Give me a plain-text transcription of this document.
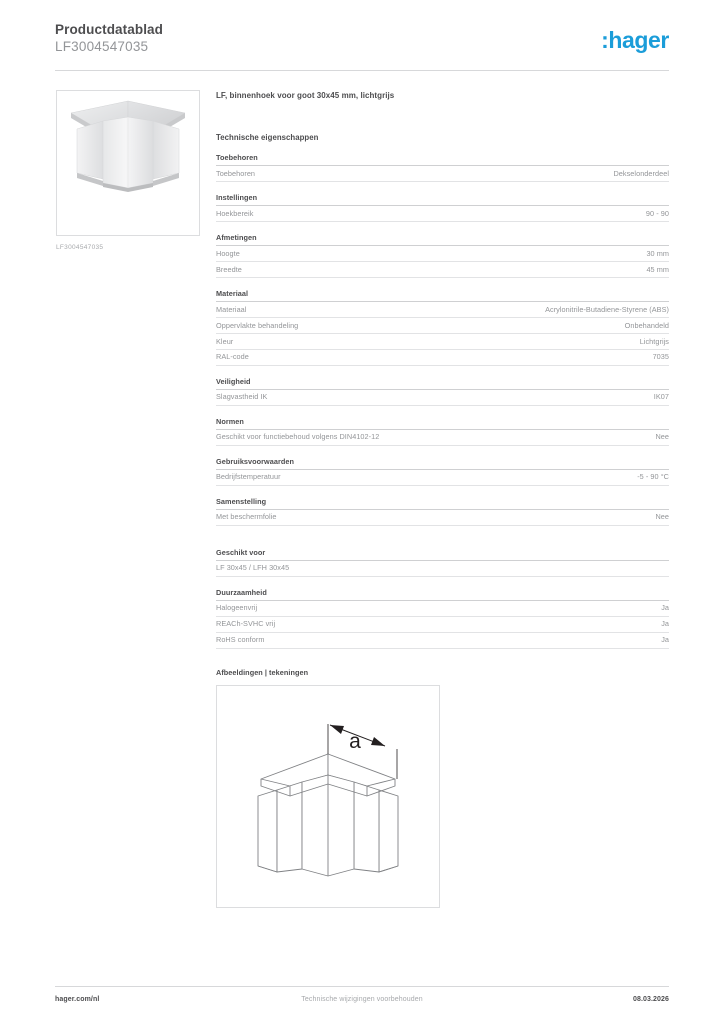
Productdatablad
LF3004547035	:hager
LF3004547035
LF, binnenhoek voor goot 30x45 mm, lichtgrijs
Technische eigenschappen
Toebehoren
Toebehoren	Dekselonderdeel
Instellingen
Hoekbereik	90 - 90
Afmetingen
Hoogte	30 mm
Breedte	45 mm
Materiaal
Materiaal	Acrylonitrile-Butadiene-Styrene (ABS)
Oppervlakte behandeling	Onbehandeld
Kleur	Lichtgrijs
RAL-code	7035
Veiligheid
Slagvastheid IK	IK07
Normen
Geschikt voor functiebehoud volgens DIN4102-12	Nee
Gebruiksvoorwaarden
Bedrijfstemperatuur	-5 - 90 °C
Samenstelling
Met beschermfolie	Nee
Geschikt voor
LF 30x45 / LFH 30x45
Duurzaamheid
Halogeenvrij	Ja
REACh-SVHC vrij	Ja
RoHS conform	Ja
Afbeeldingen | tekeningen
a
hager.com/nl	Technische wijzigingen voorbehouden	08.03.2026
